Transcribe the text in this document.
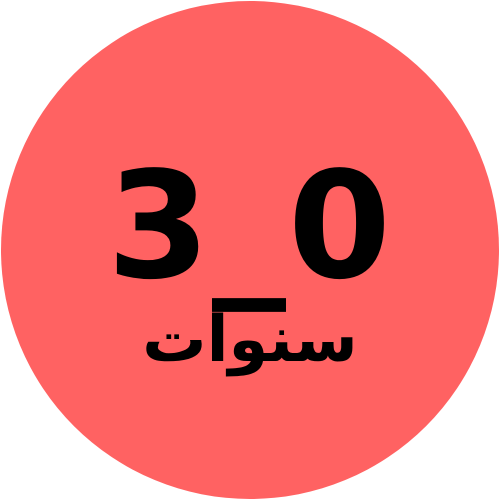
3_0
سنوات
